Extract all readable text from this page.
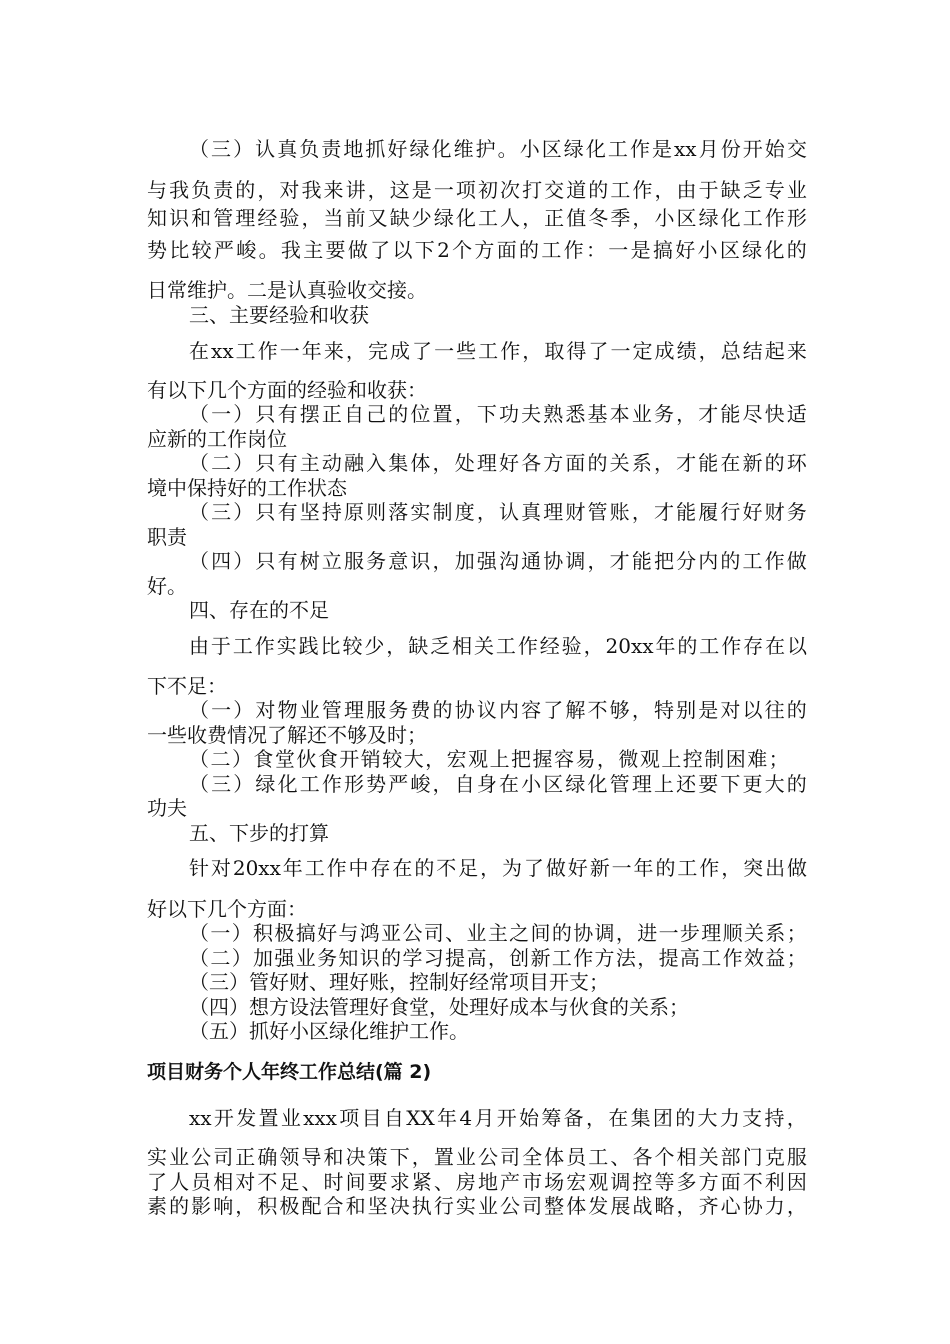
（ 三 ） 认 真 负 责 地 抓 好 绿 化 维 护 。 小 区 绿 化 工 作 是 xx 月 份 开 始 交
与 我 负 责 的 ， 对 我 来 讲 ， 这 是 一 项 初 次 打 交 道 的 工 作 ， 由 于 缺 乏 专 业
知 识 和 管 理 经 验 ， 当 前 又 缺 少 绿 化 工 人 ， 正 值 冬 季 ， 小 区 绿 化 工 作 形
势 比 较 严 峻 。 我 主 要 做 了 以 下 2 个 方 面 的 工 作 ： 一 是 搞 好 小 区 绿 化 的
日常维护。二是认真验收交接。
三、主要经验和收获
在 xx 工 作 一 年 来 ， 完 成 了 一 些 工 作 ， 取 得 了 一 定 成 绩 ， 总 结 起 来
有以下几个方面的经验和收获：
（ 一 ） 只 有 摆 正 自 己 的 位 置 ， 下 功 夫 熟 悉 基 本 业 务 ， 才 能 尽 快 适
应新的工作岗位
（ 二 ） 只 有 主 动 融 入 集 体 ， 处 理 好 各 方 面 的 关 系 ， 才 能 在 新 的 环
境中保持好的工作状态
（ 三 ） 只 有 坚 持 原 则 落 实 制 度 ， 认 真 理 财 管 账 ， 才 能 履 行 好 财 务
职责
（ 四 ） 只 有 树 立 服 务 意 识 ， 加 强 沟 通 协 调 ， 才 能 把 分 内 的 工 作 做
好。
四、存在的不足
由 于 工 作 实 践 比 较 少 ， 缺 乏 相 关 工 作 经 验 ， 20xx 年 的 工 作 存 在 以
下不足：
（ 一 ） 对 物 业 管 理 服 务 费 的 协 议 内 容 了 解 不 够 ， 特 别 是 对 以 往 的
一些收费情况了解还不够及时；
（ 二 ） 食 堂 伙 食 开 销 较 大 ， 宏 观 上 把 握 容 易 ， 微 观 上 控 制 困 难 ；
（ 三 ） 绿 化 工 作 形 势 严 峻 ， 自 身 在 小 区 绿 化 管 理 上 还 要 下 更 大 的
功夫
五、下步的打算
针 对 20xx 年 工 作 中 存 在 的 不 足 ， 为 了 做 好 新 一 年 的 工 作 ， 突 出 做
好以下几个方面：
（ 一 ） 积 极 搞 好 与 鸿 亚 公 司 、 业 主 之 间 的 协 调 ， 进 一 步 理 顺 关 系 ；
（ 二 ） 加 强 业 务 知 识 的 学 习 提 高 ， 创 新 工 作 方 法 ， 提 高 工 作 效 益 ；
（三）管好财、理好账，控制好经常项目开支；
（四）想方设法管理好食堂，处理好成本与伙食的关系；
（五）抓好小区绿化维护工作。
项目财务个人年终工作总结(篇 2)
xx 开 发 置 业 xxx 项 目 自 XX 年 4 月 开 始 筹 备 ， 在 集 团 的 大 力 支 持 ，
实 业 公 司 正 确 领 导 和 决 策 下 ， 置 业 公 司 全 体 员 工 、 各 个 相 关 部 门 克 服
了 人 员 相 对 不 足 、 时 间 要 求 紧 、 房 地 产 市 场 宏 观 调 控 等 多 方 面 不 利 因
素 的 影 响 ， 积 极 配 合 和 坚 决 执 行 实 业 公 司 整 体 发 展 战 略 ， 齐 心 协 力 ，
